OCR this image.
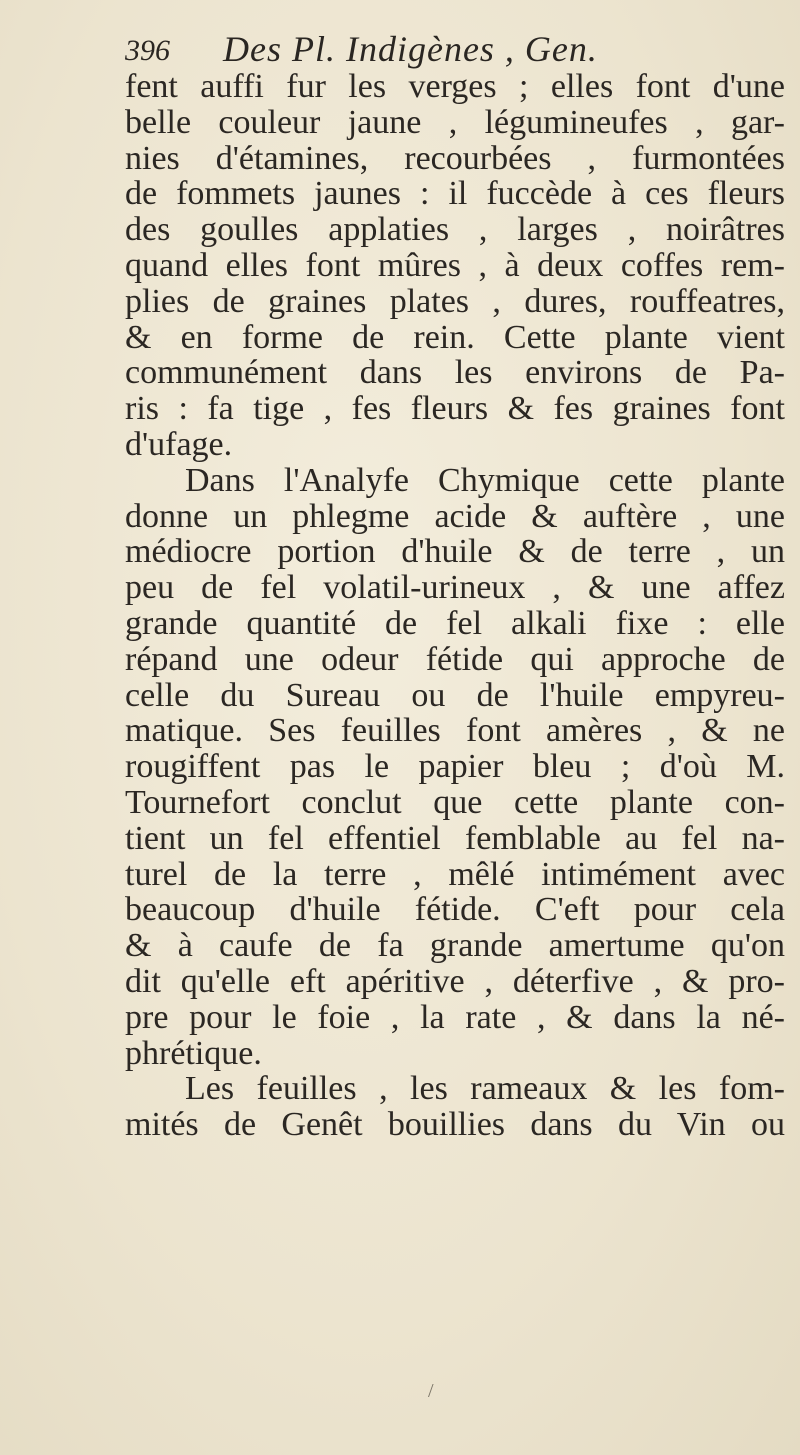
396 Des Pl. Indigènes , Gen.
fent auffi fur les verges ; elles font d'une
belle couleur jaune , légumineufes , gar-
nies d'étamines, recourbées , furmontées
de fommets jaunes : il fuccède à ces fleurs
des goulles applaties , larges , noirâtres
quand elles font mûres , à deux coffes rem-
plies de graines plates , dures, rouffeatres,
& en forme de rein. Cette plante vient
communément dans les environs de Pa-
ris : fa tige , fes fleurs & fes graines font
d'ufage.
Dans l'Analyfe Chymique cette plante
donne un phlegme acide & auftère , une
médiocre portion d'huile & de terre , un
peu de fel volatil-urineux , & une affez
grande quantité de fel alkali fixe : elle
répand une odeur fétide qui approche de
celle du Sureau ou de l'huile empyreu-
matique. Ses feuilles font amères , & ne
rougiffent pas le papier bleu ; d'où M.
Tournefort conclut que cette plante con-
tient un fel effentiel femblable au fel na-
turel de la terre , mêlé intimément avec
beaucoup d'huile fétide. C'eft pour cela
& à caufe de fa grande amertume qu'on
dit qu'elle eft apéritive , déterfive , & pro-
pre pour le foie , la rate , & dans la né-
phrétique.
Les feuilles , les rameaux & les fom-
mités de Genêt bouillies dans du Vin ou
/
